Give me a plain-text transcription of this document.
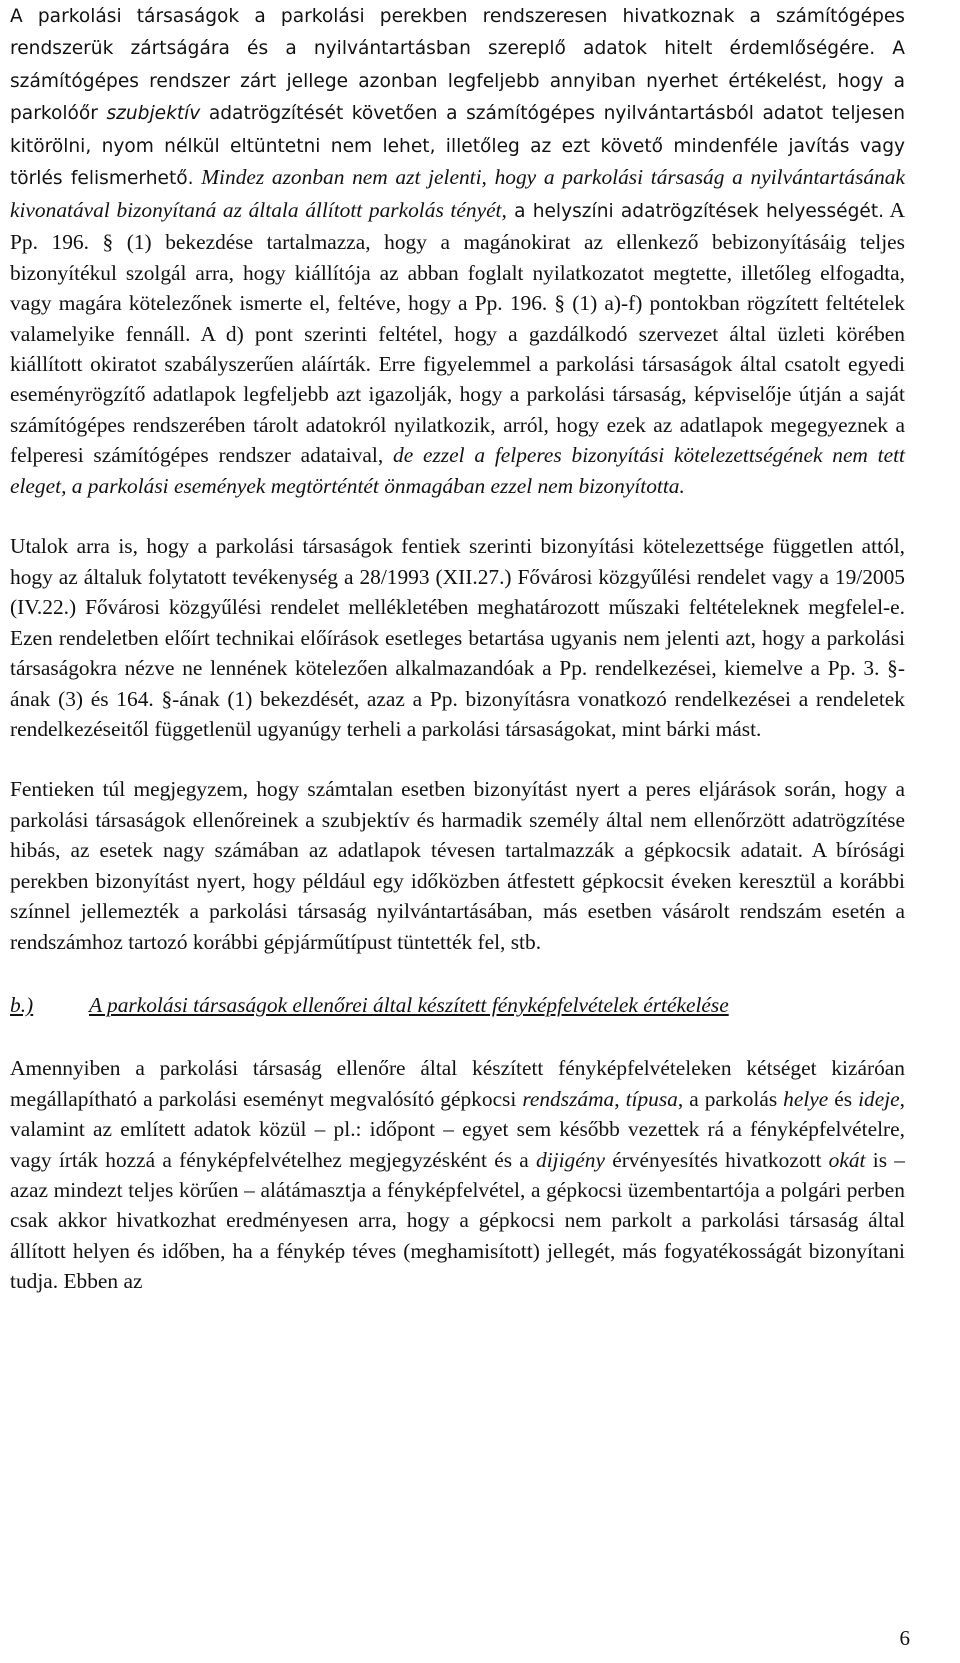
A parkolási társaságok a parkolási perekben rendszeresen hivatkoznak a számítógépes rendszerük zártságára és a nyilvántartásban szereplő adatok hitelt érdemlőségére. A számítógépes rendszer zárt jellege azonban legfeljebb annyiban nyerhet értékelést, hogy a parkolóőr szubjektív adatrögzítését követően a számítógépes nyilvántartásból adatot teljesen kitörölni, nyom nélkül eltüntetni nem lehet, illetőleg az ezt követő mindenféle javítás vagy törlés felismerhető. Mindez azonban nem azt jelenti, hogy a parkolási társaság a nyilvántartásának kivonatával bizonyítaná az általa állított parkolás tényét, a helyszíni adatrögzítések helyességét. A Pp. 196. § (1) bekezdése tartalmazza, hogy a magánokirat az ellenkező bebizonyításáig teljes bizonyítékul szolgál arra, hogy kiállítója az abban foglalt nyilatkozatot megtette, illetőleg elfogadta, vagy magára kötelezőnek ismerte el, feltéve, hogy a Pp. 196. § (1) a)-f) pontokban rögzített feltételek valamelyike fennáll. A d) pont szerinti feltétel, hogy a gazdálkodó szervezet által üzleti körében kiállított okiratot szabályszerűen aláírták. Erre figyelemmel a parkolási társaságok által csatolt egyedi eseményrögzítő adatlapok legfeljebb azt igazolják, hogy a parkolási társaság, képviselője útján a saját számítógépes rendszerében tárolt adatokról nyilatkozik, arról, hogy ezek az adatlapok megegyeznek a felperesi számítógépes rendszer adataival, de ezzel a felperes bizonyítási kötelezettségének nem tett eleget, a parkolási események megtörténtét önmagában ezzel nem bizonyította.

Utalok arra is, hogy a parkolási társaságok fentiek szerinti bizonyítási kötelezettsége független attól, hogy az általuk folytatott tevékenység a 28/1993 (XII.27.) Fővárosi közgyűlési rendelet vagy a 19/2005 (IV.22.) Fővárosi közgyűlési rendelet mellékletében meghatározott műszaki feltételeknek megfelel-e. Ezen rendeletben előírt technikai előírások esetleges betartása ugyanis nem jelenti azt, hogy a parkolási társaságokra nézve ne lennének kötelezően alkalmazandóak a Pp. rendelkezései, kiemelve a Pp. 3. §-ának (3) és 164. §-ának (1) bekezdését, azaz a Pp. bizonyításra vonatkozó rendelkezései a rendeletek rendelkezéseitől függetlenül ugyanúgy terheli a parkolási társaságokat, mint bárki mást.

Fentieken túl megjegyzem, hogy számtalan esetben bizonyítást nyert a peres eljárások során, hogy a parkolási társaságok ellenőreinek a szubjektív és harmadik személy által nem ellenőrzött adatrögzítése hibás, az esetek nagy számában az adatlapok tévesen tartalmazzák a gépkocsik adatait. A bírósági perekben bizonyítást nyert, hogy például egy időközben átfestett gépkocsit éveken keresztül a korábbi színnel jellemezték a parkolási társaság nyilvántartásában, más esetben vásárolt rendszám esetén a rendszámhoz tartozó korábbi gépjárműtípust tüntették fel, stb.

b.)	A parkolási társaságok ellenőrei által készített fényképfelvételek értékelése

Amennyiben a parkolási társaság ellenőre által készített fényképfelvételeken kétséget kizáróan megállapítható a parkolási eseményt megvalósító gépkocsi rendszáma, típusa, a parkolás helye és ideje, valamint az említett adatok közül – pl.: időpont – egyet sem később vezettek rá a fényképfelvételre, vagy írták hozzá a fényképfelvételhez megjegyzésként és a dijigény érvényesítés hivatkozott okát is – azaz mindezt teljes körűen – alátámasztja a fényképfelvétel, a gépkocsi üzembentartója a polgári perben csak akkor hivatkozhat eredményesen arra, hogy a gépkocsi nem parkolt a parkolási társaság által állított helyen és időben, ha a fénykép téves (meghamisított) jellegét, más fogyatékosságát bizonyítani tudja. Ebben az

6
